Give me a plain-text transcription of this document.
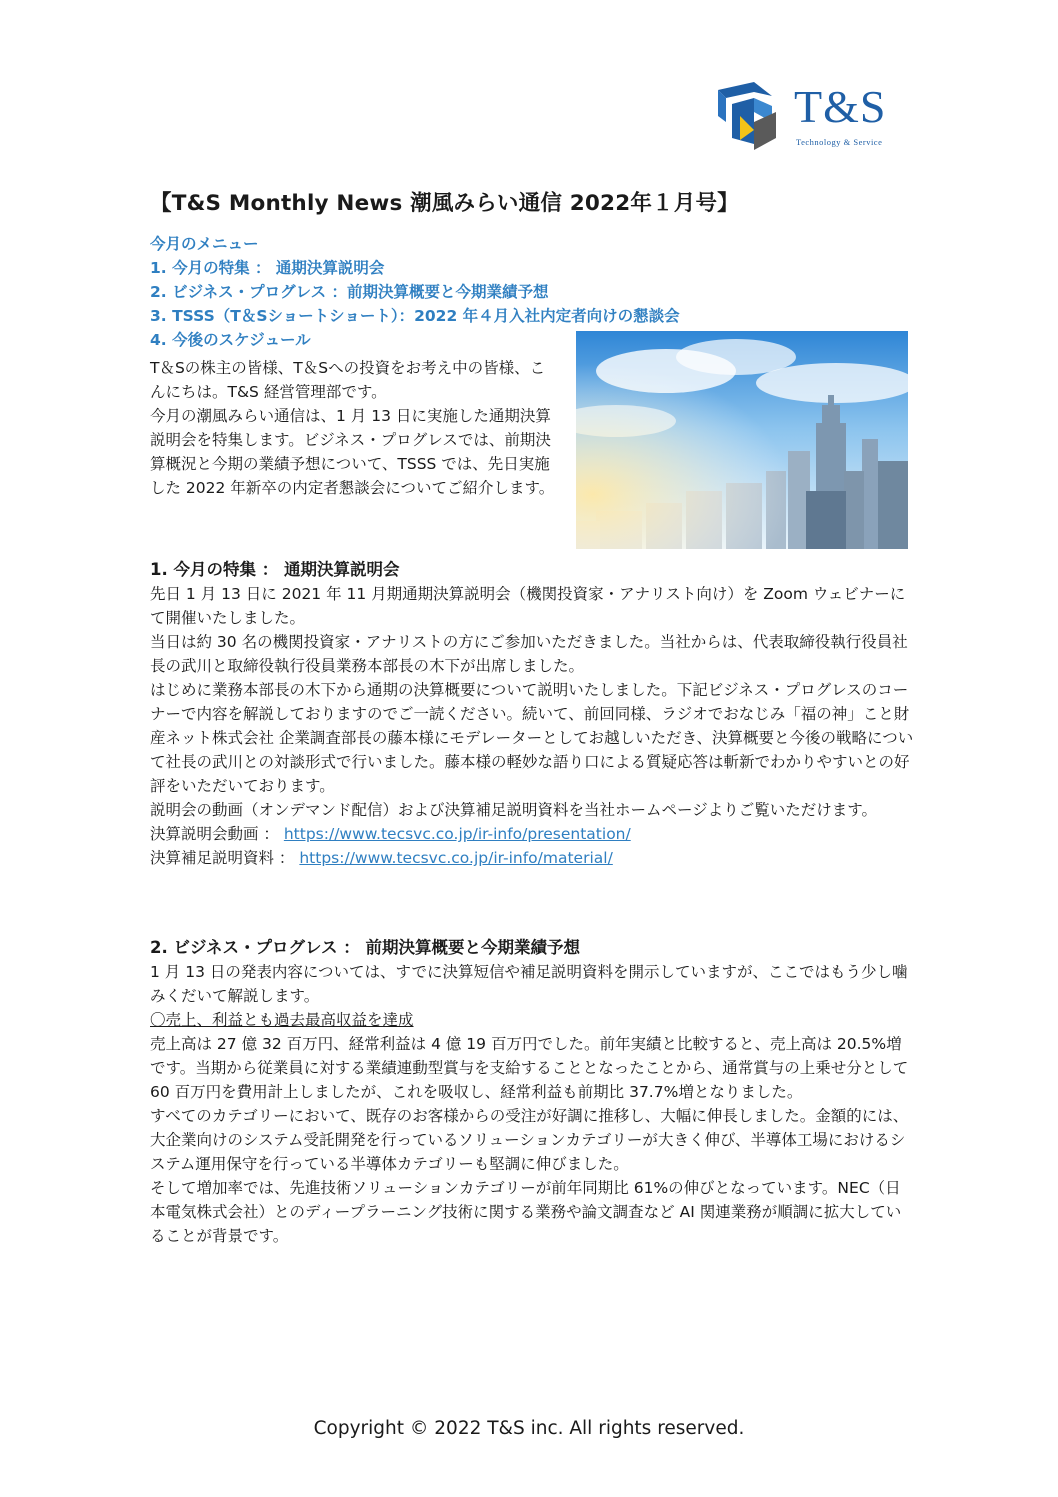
T&S
Technology & Service
【T&S Monthly News 潮風みらい通信 2022年１月号】
今月のメニュー
1. 今月の特集 ： 通期決算説明会
2. ビジネス・プログレス ：前期決算概要と今期業績予想
3. TSSS（T＆Sショートショート）：2022 年４月入社内定者向けの懇談会
4. 今後のスケジュール

T＆Sの株主の皆様、T＆Sへの投資をお考え中の皆様、こんにちは。T&S 経営管理部です。

今月の潮風みらい通信は、1 月 13 日に実施した通期決算説明会を特集します。ビジネス・プログレスでは、前期決算概況と今期の業績予想について、TSSS では、先日実施した 2022 年新卒の内定者懇談会についてご紹介します。

1. 今月の特集 ： 通期決算説明会

先日 1 月 13 日に 2021 年 11 月期通期決算説明会（機関投資家・アナリスト向け）を Zoom ウェビナーにて開催いたしました。

当日は約 30 名の機関投資家・アナリストの方にご参加いただきました。当社からは、代表取締役執行役員社長の武川と取締役執行役員業務本部長の木下が出席しました。

はじめに業務本部長の木下から通期の決算概要について説明いたしました。下記ビジネス・プログレスのコーナーで内容を解説しておりますのでご一読ください。続いて、前回同様、ラジオでおなじみ「福の神」こと財産ネット株式会社 企業調査部長の藤本様にモデレーターとしてお越しいただき、決算概要と今後の戦略について社長の武川との対談形式で行いました。藤本様の軽妙な語り口による質疑応答は斬新でわかりやすいとの好評をいただいております。

説明会の動画（オンデマンド配信）および決算補足説明資料を当社ホームページよりご覧いただけます。

決算説明会動画 ： https://www.tecsvc.co.jp/ir-info/presentation/

決算補足説明資料 ： https://www.tecsvc.co.jp/ir-info/material/

2. ビジネス・プログレス ： 前期決算概要と今期業績予想

1 月 13 日の発表内容については、すでに決算短信や補足説明資料を開示していますが、ここではもう少し噛みくだいて解説します。

〇売上、利益とも過去最高収益を達成

売上高は 27 億 32 百万円、経常利益は 4 億 19 百万円でした。前年実績と比較すると、売上高は 20.5%増です。当期から従業員に対する業績連動型賞与を支給することとなったことから、通常賞与の上乗せ分として 60 百万円を費用計上しましたが、これを吸収し、経常利益も前期比 37.7%増となりました。

すべてのカテゴリーにおいて、既存のお客様からの受注が好調に推移し、大幅に伸長しました。金額的には、大企業向けのシステム受託開発を行っているソリューションカテゴリーが大きく伸び、半導体工場におけるシステム運用保守を行っている半導体カテゴリーも堅調に伸びました。

そして増加率では、先進技術ソリューションカテゴリーが前年同期比 61%の伸びとなっています。NEC（日本電気株式会社）とのディープラーニング技術に関する業務や論文調査など AI 関連業務が順調に拡大していることが背景です。

Copyright © 2022 T&S inc. All rights reserved.
